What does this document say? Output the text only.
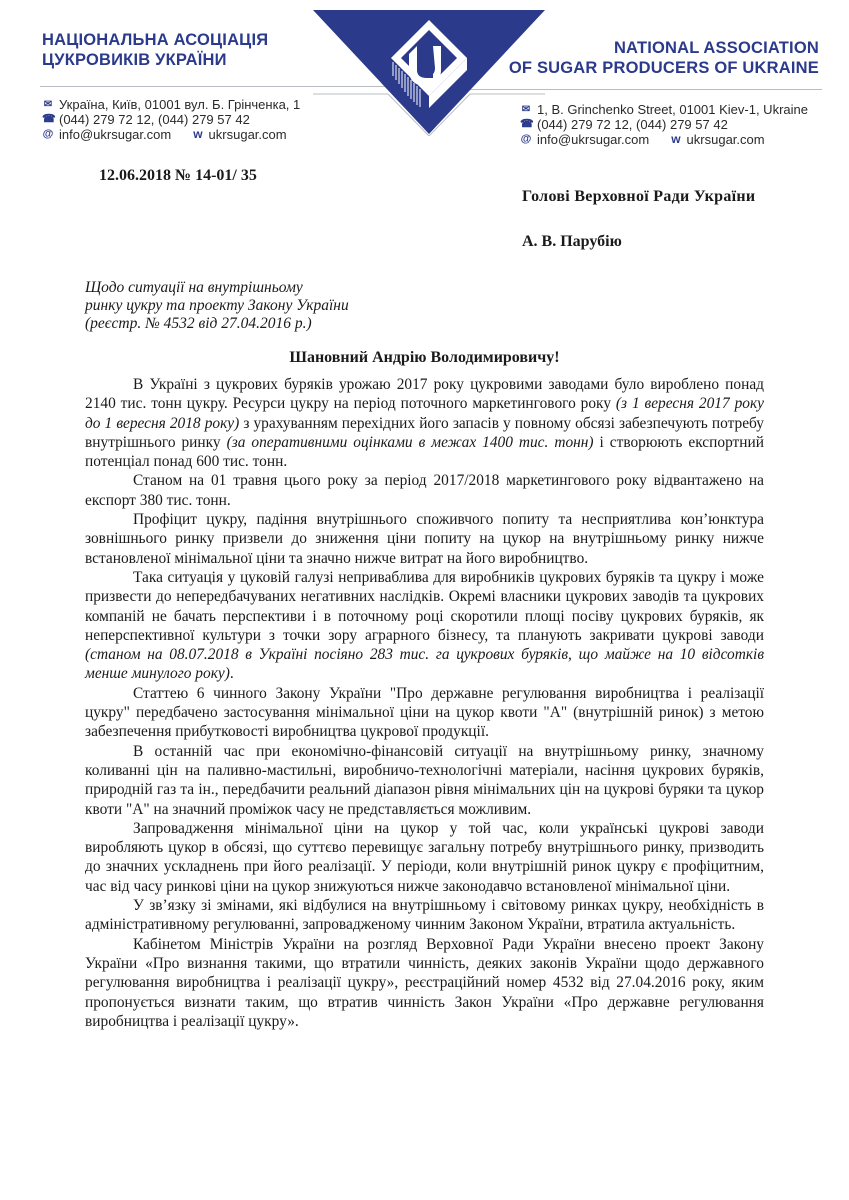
НАЦІОНАЛЬНА АСОЦІАЦІЯ
ЦУКРОВИКІВ УКРАЇНИ
NATIONAL ASSOCIATION
OF SUGAR PRODUCERS OF UKRAINE
✉ Україна, Київ, 01001 вул. Б. Грінченка, 1
☎ (044) 279 72 12, (044) 279 57 42
@ info@ukrsugar.com w ukrsugar.com
✉ 1, B. Grinchenko Street, 01001 Kiev-1, Ukraine
☎ (044) 279 72 12, (044) 279 57 42
@ info@ukrsugar.com w ukrsugar.com
12.06.2018 № 14-01/ 35
Голові Верховної Ради України
А. В. Парубію
Щодо ситуації на внутрішньому
ринку цукру та проекту Закону України
(реєстр. № 4532 від 27.04.2016 р.)
Шановний Андрію Володимировичу!

В Україні з цукрових буряків урожаю 2017 року цукровими заводами було вироблено понад 2140 тис. тонн цукру. Ресурси цукру на період поточного маркетингового року (з 1 вересня 2017 року до 1 вересня 2018 року) з урахуванням перехідних його запасів у повному обсязі забезпечують потребу внутрішнього ринку (за оперативними оцінками в межах 1400 тис. тонн) і створюють експортний потенціал понад 600 тис. тонн.

Станом на 01 травня цього року за період 2017/2018 маркетингового року відвантажено на експорт 380 тис. тонн.

Профіцит цукру, падіння внутрішнього споживчого попиту та несприятлива кон’юнктура зовнішнього ринку призвели до зниження ціни попиту на цукор на внутрішньому ринку нижче встановленої мінімальної ціни та значно нижче витрат на його виробництво.

Така ситуація у цуковій галузі неприваблива для виробників цукрових буряків та цукру і може призвести до непередбачуваних негативних наслідків. Окремі власники цукрових заводів та цукрових компаній не бачать перспективи і в поточному році скоротили площі посіву цукрових буряків, як неперспективної культури з точки зору аграрного бізнесу, та планують закривати цукрові заводи (станом на 08.07.2018 в Україні посіяно 283 тис. га цукрових буряків, що майже на 10 відсотків менше минулого року).

Статтею 6 чинного Закону України "Про державне регулювання виробництва і реалізації цукру" передбачено застосування мінімальної ціни на цукор квоти "А" (внутрішній ринок) з метою забезпечення прибутковості виробництва цукрової продукції.

В останній час при економічно-фінансовій ситуації на внутрішньому ринку, значному коливанні цін на паливно-мастильні, виробничо-технологічні матеріали, насіння цукрових буряків, природній газ та ін., передбачити реальний діапазон рівня мінімальних цін на цукрові буряки та цукор квоти "А" на значний проміжок часу не представляється можливим.

Запровадження мінімальної ціни на цукор у той час, коли українські цукрові заводи виробляють цукор в обсязі, що суттєво перевищує загальну потребу внутрішнього ринку, призводить до значних ускладнень при його реалізації. У періоди, коли внутрішній ринок цукру є профіцитним, час від часу ринкові ціни на цукор знижуються нижче законодавчо встановленої мінімальної ціни.

У зв’язку зі змінами, які відбулися на внутрішньому і світовому ринках цукру, необхідність в адміністративному регулюванні, запровадженому чинним Законом України, втратила актуальність.

Кабінетом Міністрів України на розгляд Верховної Ради України внесено проект Закону України «Про визнання такими, що втратили чинність, деяких законів України щодо державного регулювання виробництва і реалізації цукру», реєстраційний номер 4532 від 27.04.2016 року, яким пропонується визнати таким, що втратив чинність Закон України «Про державне регулювання виробництва і реалізації цукру».
